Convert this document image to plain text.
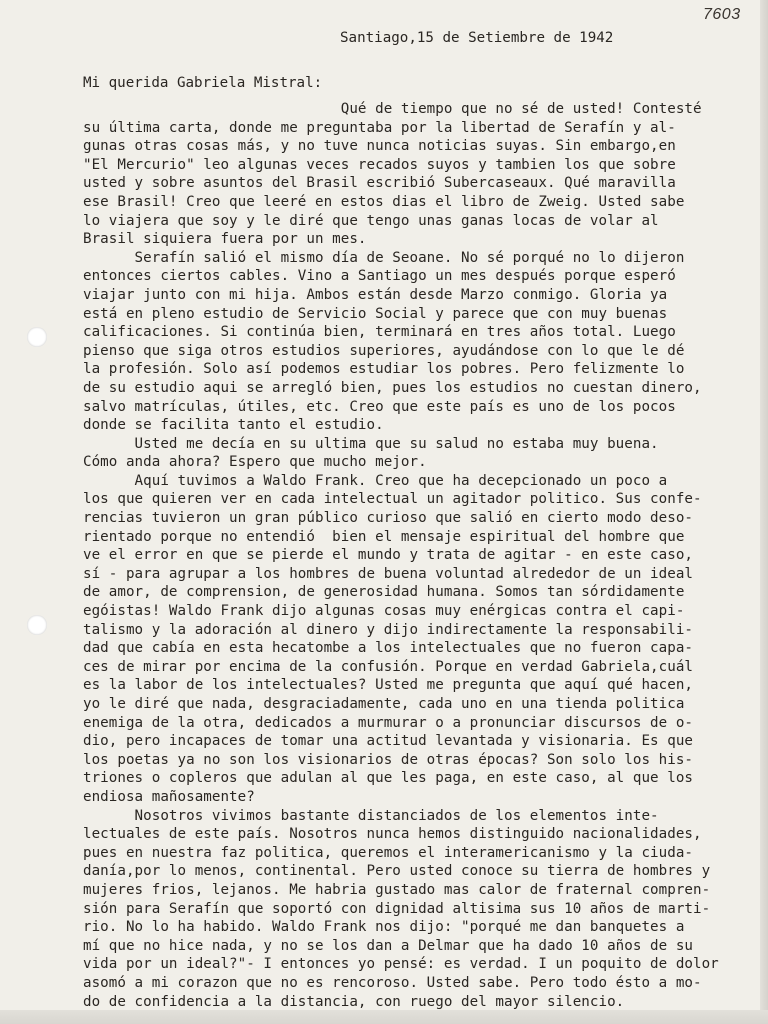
7603
Santiago,15 de Setiembre de 1942
Mi querida Gabriela Mistral:
Qué de tiempo que no sé de usted! Contesté
su última carta, donde me preguntaba por la libertad de Serafín y al-
gunas otras cosas más, y no tuve nunca noticias suyas. Sin embargo,en
"El Mercurio" leo algunas veces recados suyos y tambien los que sobre
usted y sobre asuntos del Brasil escribió Subercaseaux. Qué maravilla
ese Brasil! Creo que leeré en estos dias el libro de Zweig. Usted sabe
lo viajera que soy y le diré que tengo unas ganas locas de volar al
Brasil siquiera fuera por un mes.
Serafín salió el mismo día de Seoane. No sé porqué no lo dijeron
entonces ciertos cables. Vino a Santiago un mes después porque esperó
viajar junto con mi hija. Ambos están desde Marzo conmigo. Gloria ya
está en pleno estudio de Servicio Social y parece que con muy buenas
calificaciones. Si continúa bien, terminará en tres años total. Luego
pienso que siga otros estudios superiores, ayudándose con lo que le dé
la profesión. Solo así podemos estudiar los pobres. Pero felizmente lo
de su estudio aqui se arregló bien, pues los estudios no cuestan dinero,
salvo matrículas, útiles, etc. Creo que este país es uno de los pocos
donde se facilita tanto el estudio.
Usted me decía en su ultima que su salud no estaba muy buena.
Cómo anda ahora? Espero que mucho mejor.
Aquí tuvimos a Waldo Frank. Creo que ha decepcionado un poco a
los que quieren ver en cada intelectual un agitador politico. Sus confe-
rencias tuvieron un gran público curioso que salió en cierto modo deso-
rientado porque no entendió  bien el mensaje espiritual del hombre que
ve el error en que se pierde el mundo y trata de agitar - en este caso,
sí - para agrupar a los hombres de buena voluntad alrededor de un ideal
de amor, de comprension, de generosidad humana. Somos tan sórdidamente
egóistas! Waldo Frank dijo algunas cosas muy enérgicas contra el capi-
talismo y la adoración al dinero y dijo indirectamente la responsabili-
dad que cabía en esta hecatombe a los intelectuales que no fueron capa-
ces de mirar por encima de la confusión. Porque en verdad Gabriela,cuál
es la labor de los intelectuales? Usted me pregunta que aquí qué hacen,
yo le diré que nada, desgraciadamente, cada uno en una tienda politica
enemiga de la otra, dedicados a murmurar o a pronunciar discursos de o-
dio, pero incapaces de tomar una actitud levantada y visionaria. Es que
los poetas ya no son los visionarios de otras épocas? Son solo los his-
triones o copleros que adulan al que les paga, en este caso, al que los
endiosa mañosamente?
Nosotros vivimos bastante distanciados de los elementos inte-
lectuales de este país. Nosotros nunca hemos distinguido nacionalidades,
pues en nuestra faz politica, queremos el interamericanismo y la ciuda-
danía,por lo menos, continental. Pero usted conoce su tierra de hombres y
mujeres frios, lejanos. Me habria gustado mas calor de fraternal compren-
sión para Serafín que soportó con dignidad altisima sus 10 años de marti-
rio. No lo ha habido. Waldo Frank nos dijo: "porqué me dan banquetes a
mí que no hice nada, y no se los dan a Delmar que ha dado 10 años de su
vida por un ideal?"- I entonces yo pensé: es verdad. I un poquito de dolor
asomó a mi corazon que no es rencoroso. Usted sabe. Pero todo ésto a mo-
do de confidencia a la distancia, con ruego del mayor silencio.
